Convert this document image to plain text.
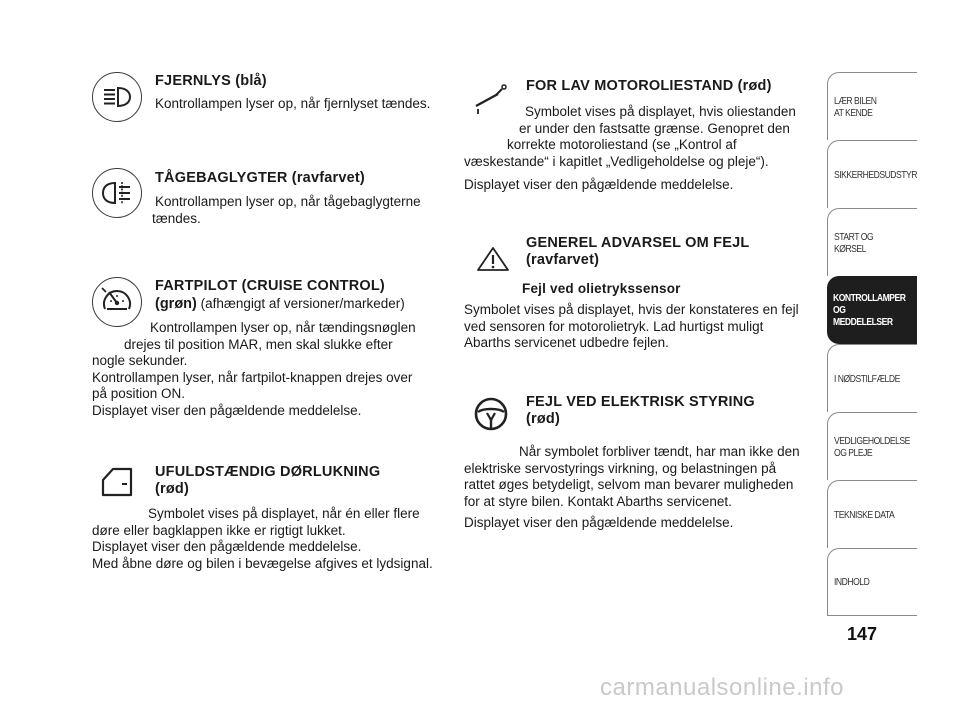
FJERNLYS (blå)

Kontrollampen lyser op, når fjernlyset tændes.

TÅGEBAGLYGTER (ravfarvet)

Kontrollampen lyser op, når tågebaglygterne

tændes.

FARTPILOT (CRUISE CONTROL)
(grøn) (afhængigt af versioner/markeder)

Kontrollampen lyser op, når tændingsnøglen

drejes til position MAR, men skal slukke efter

nogle sekunder.

Kontrollampen lyser, når fartpilot-knappen drejes over

på position ON.

Displayet viser den pågældende meddelelse.

UFULDSTÆNDIG DØRLUKNING
(rød)

Symbolet vises på displayet, når én eller flere

døre eller bagklappen ikke er rigtigt lukket.

Displayet viser den pågældende meddelelse.

Med åbne døre og bilen i bevægelse afgives et lydsignal.

FOR LAV MOTOROLIESTAND (rød)

Symbolet vises på displayet, hvis oliestanden

er under den fastsatte grænse. Genopret den

korrekte motoroliestand (se „Kontrol af

væskestande“ i kapitlet „Vedligeholdelse og pleje“).

Displayet viser den pågældende meddelelse.

GENEREL ADVARSEL OM FEJL
(ravfarvet)
Fejl ved olietrykssensor

Symbolet vises på displayet, hvis der konstateres en fejl

ved sensoren for motorolietryk. Lad hurtigst muligt

Abarths servicenet udbedre fejlen.

FEJL VED ELEKTRISK STYRING
(rød)

Når symbolet forbliver tændt, har man ikke den

elektriske servostyrings virkning, og belastningen på

rattet øges betydeligt, selvom man bevarer muligheden

for at styre bilen. Kontakt Abarths servicenet.

Displayet viser den pågældende meddelelse.

LÆR BILEN
AT KENDE
SIKKERHEDSUDSTYR
START OG KØRSEL
KONTROLLAMPER
OG MEDDELELSER
I NØDSTILFÆLDE
VEDLIGEHOLDELSE
OG PLEJE
TEKNISKE DATA
INDHOLD
147
carmanualsonline.info
